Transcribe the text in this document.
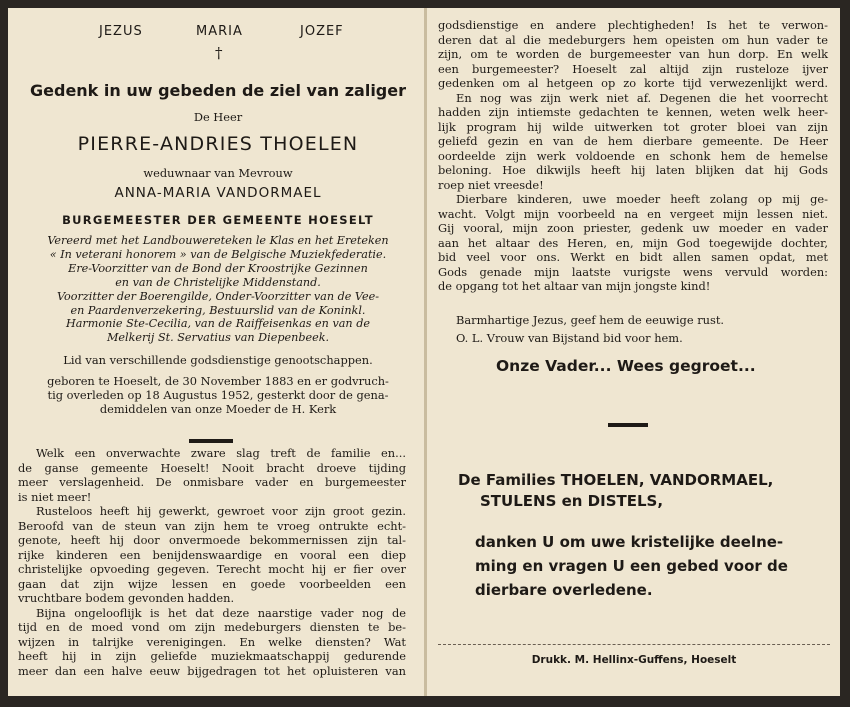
JEZUS	MARIA	JOZEF
†
Gedenk in uw gebeden de ziel van zaliger
De Heer
PIERRE-ANDRIES THOELEN
weduwnaar van Mevrouw
ANNA-MARIA VANDORMAEL
BURGEMEESTER DER GEMEENTE HOESELT
Vereerd met het Landbouwereteken le Klas en het Ereteken
« In veterani honorem » van de Belgische Muziekfederatie.
Ere-Voorzitter van de Bond der Kroostrijke Gezinnen
en van de Christelijke Middenstand.
Voorzitter der Boerengilde, Onder-Voorzitter van de Vee-
en Paardenverzekering, Bestuurslid van de Koninkl.
Harmonie Ste-Cecilia, van de Raiffeisenkas en van de
Melkerij St. Servatius van Diepenbeek.
Lid van verschillende godsdienstige genootschappen.
geboren te Hoeselt, de 30 November 1883 en er godvruch-
tig overleden op 18 Augustus 1952, gesterkt door de gena-
demiddelen van onze Moeder de H. Kerk

Welk een onverwachte zware slag treft de familie en...

de ganse gemeente Hoeselt! Nooit bracht droeve tijding

meer verslagenheid. De onmisbare vader en burgemeester

is niet meer!

Rusteloos heeft hij gewerkt, gewroet voor zijn groot gezin.

Beroofd van de steun van zijn hem te vroeg ontrukte echt-

genote, heeft hij door onvermoede bekommernissen zijn tal-

rijke kinderen een benijdenswaardige en vooral een diep

christelijke opvoeding gegeven. Terecht mocht hij er fier over

gaan dat zijn wijze lessen en goede voorbeelden een

vruchtbare bodem gevonden hadden.

Bijna ongelooflijk is het dat deze naarstige vader nog de

tijd en de moed vond om zijn medeburgers diensten te be-

wijzen in talrijke verenigingen. En welke diensten? Wat

heeft hij in zijn geliefde muziekmaatschappij gedurende

meer dan een halve eeuw bijgedragen tot het opluisteren van

godsdienstige en andere plechtigheden! Is het te verwon-

deren dat al die medeburgers hem opeisten om hun vader te

zijn, om te worden de burgemeester van hun dorp. En welk

een burgemeester? Hoeselt zal altijd zijn rusteloze ijver

gedenken om al hetgeen op zo korte tijd verwezenlijkt werd.

En nog was zijn werk niet af. Degenen die het voorrecht

hadden zijn intiemste gedachten te kennen, weten welk heer-

lijk program hij wilde uitwerken tot groter bloei van zijn

geliefd gezin en van de hem dierbare gemeente. De Heer

oordeelde zijn werk voldoende en schonk hem de hemelse

beloning. Hoe dikwijls heeft hij laten blijken dat hij Gods

roep niet vreesde!

Dierbare kinderen, uwe moeder heeft zolang op mij ge-

wacht. Volgt mijn voorbeeld na en vergeet mijn lessen niet.

Gij vooral, mijn zoon priester, gedenk uw moeder en vader

aan het altaar des Heren, en, mijn God toegewijde dochter,

bid veel voor ons. Werkt en bidt allen samen opdat, met

Gods genade mijn laatste vurigste wens vervuld worden:

de opgang tot het altaar van mijn jongste kind!

Barmhartige Jezus, geef hem de eeuwige rust.
O. L. Vrouw van Bijstand bid voor hem.
Onze Vader... Wees gegroet...
De Families THOELEN, VANDORMAEL,
STULENS en DISTELS,
danken U om uwe kristelijke deelne-
ming en vragen U een gebed voor de
dierbare overledene.
Drukk. M. Hellinx-Guffens, Hoeselt
